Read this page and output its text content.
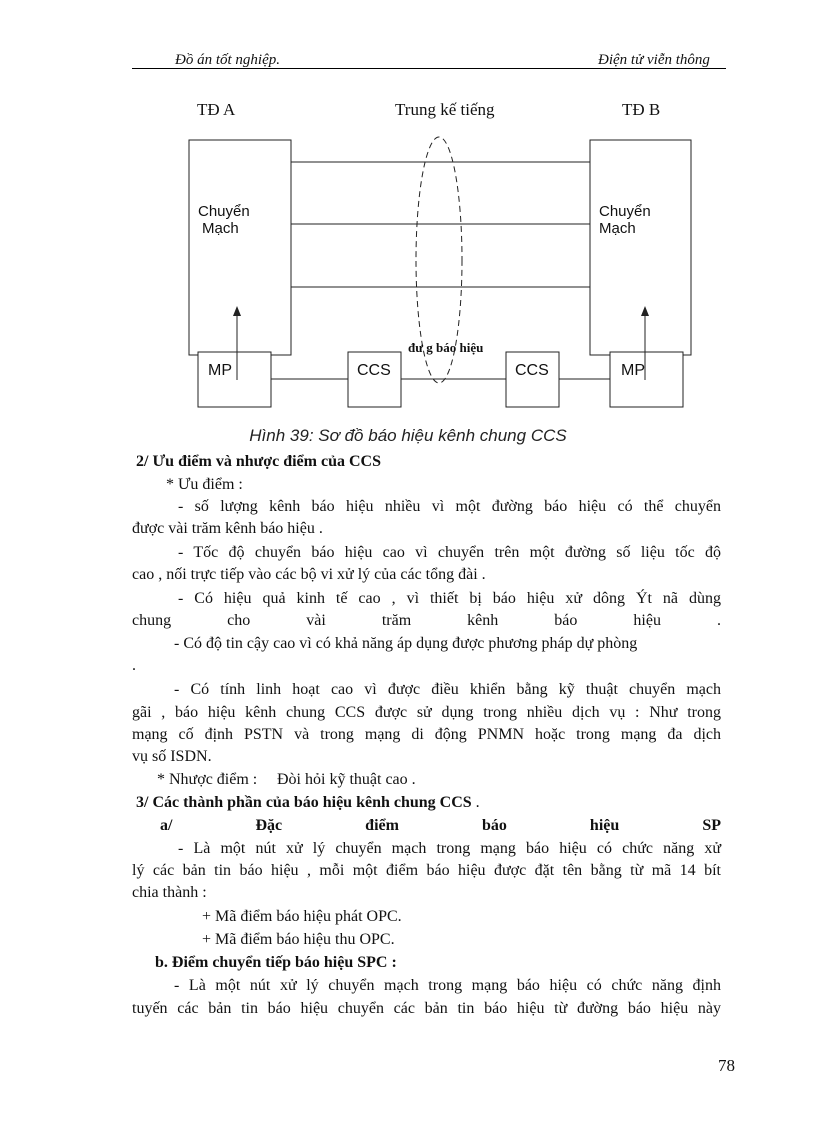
Đồ án tốt nghiệp.	Điện tử viễn thông
TĐ A	Trung kế tiếng	TĐ B
Chuyển
Mạch
Chuyển
Mạch
MP	CCS	CCS	MP
đư g báo hiệu
Hình 39: Sơ đồ báo hiệu kênh chung CCS
2/ Ưu điểm và nhược điểm của CCS
* Ưu điểm :
- số lượng kênh báo hiệu nhiều vì một đường báo hiệu có thể chuyển
được vài trăm kênh báo hiệu .
- Tốc độ chuyển báo hiệu cao vì chuyển trên một đường số liệu tốc độ
cao , nối trực tiếp vào các bộ vi xử lý của các tổng đài .
- Có hiệu quả kinh tế cao , vì thiết bị báo hiệu xử dông Ýt nã dùng
chung cho vài trăm kênh báo hiệu .
- Có độ tin cậy cao vì có khả năng áp dụng được phương pháp dự phòng
.
- Có tính linh hoạt cao vì được điều khiển bằng kỹ thuật chuyển mạch
gãi , báo hiệu kênh chung CCS được sử dụng trong nhiều dịch vụ : Như trong
mạng cố định PSTN và trong mạng di động PNMN hoặc trong mạng đa dịch
vụ số ISDN.
* Nhược điểm : Đòi hỏi kỹ thuật cao .
3/ Các thành phần của báo hiệu kênh chung CCS .
a/ Đặc điểm báo hiệu SP
- Là một nút xử lý chuyển mạch trong mạng báo hiệu có chức năng xử
lý các bản tin báo hiệu , mỗi một điểm báo hiệu được đặt tên bằng từ mã 14 bít
chia thành :
+ Mã điểm báo hiệu phát OPC.
+ Mã điểm báo hiệu thu OPC.
b. Điểm chuyển tiếp báo hiệu SPC :
- Là một nút xử lý chuyển mạch trong mạng báo hiệu có chức năng định
tuyến các bản tin báo hiệu chuyển các bản tin báo hiệu từ đường báo hiệu này
78
